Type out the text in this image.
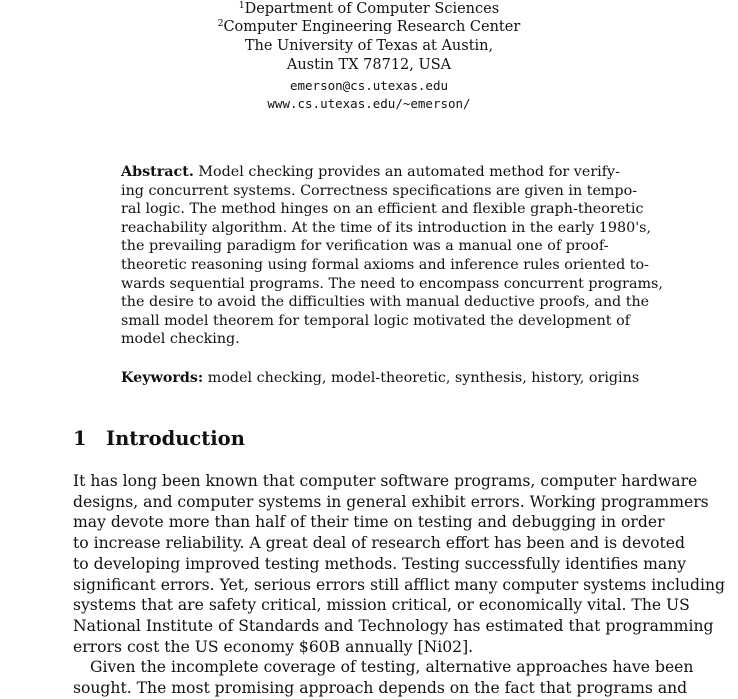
$^1$Department of Computer Sciences
$^2$Computer Engineering Research Center
The University of Texas at Austin,
Austin TX 78712, USA
emerson@cs.utexas.edu
www.cs.utexas.edu/~emerson/
Abstract. Model checking provides an automated method for verify-
ing concurrent systems. Correctness specifications are given in tempo-
ral logic. The method hinges on an efficient and flexible graph-theoretic
reachability algorithm. At the time of its introduction in the early 1980's,
the prevailing paradigm for verification was a manual one of proof-
theoretic reasoning using formal axioms and inference rules oriented to-
wards sequential programs. The need to encompass concurrent programs,
the desire to avoid the difficulties with manual deductive proofs, and the
small model theorem for temporal logic motivated the development of
model checking.
Keywords: model checking, model-theoretic, synthesis, history, origins
1 Introduction
It has long been known that computer software programs, computer hardware
designs, and computer systems in general exhibit errors. Working programmers
may devote more than half of their time on testing and debugging in order
to increase reliability. A great deal of research effort has been and is devoted
to developing improved testing methods. Testing successfully identifies many
significant errors. Yet, serious errors still afflict many computer systems including
systems that are safety critical, mission critical, or economically vital. The US
National Institute of Standards and Technology has estimated that programming
errors cost the US economy $60B annually [Ni02].
Given the incomplete coverage of testing, alternative approaches have been
sought. The most promising approach depends on the fact that programs and
